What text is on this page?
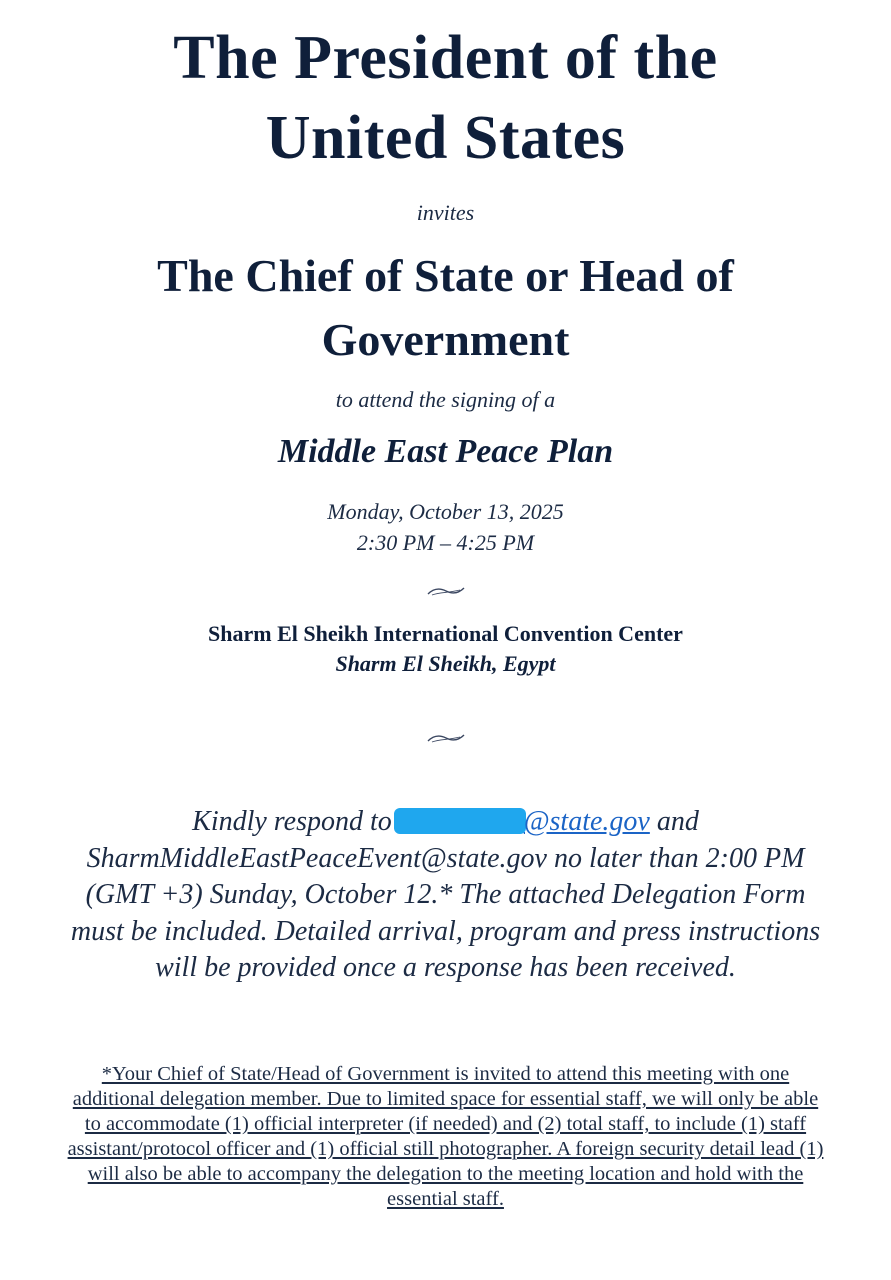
The President of the
United States
invites
The Chief of State or Head of
Government
to attend the signing of a
Middle East Peace Plan
Monday, October 13, 2025
2:30 PM – 4:25 PM
Sharm El Sheikh International Convention Center
Sharm El Sheikh, Egypt
Kindly respond to	@state.gov and SharmMiddleEastPeaceEvent@state.gov no later than 2:00 PM (GMT +3) Sunday, October 12.* The attached Delegation Form must be included. Detailed arrival, program and press instructions will be provided once a response has been received.
*Your Chief of State/Head of Government is invited to attend this meeting with one additional delegation member. Due to limited space for essential staff, we will only be able to accommodate (1) official interpreter (if needed) and (2) total staff, to include (1) staff assistant/protocol officer and (1) official still photographer. A foreign security detail lead (1) will also be able to accompany the delegation to the meeting location and hold with the essential staff.
